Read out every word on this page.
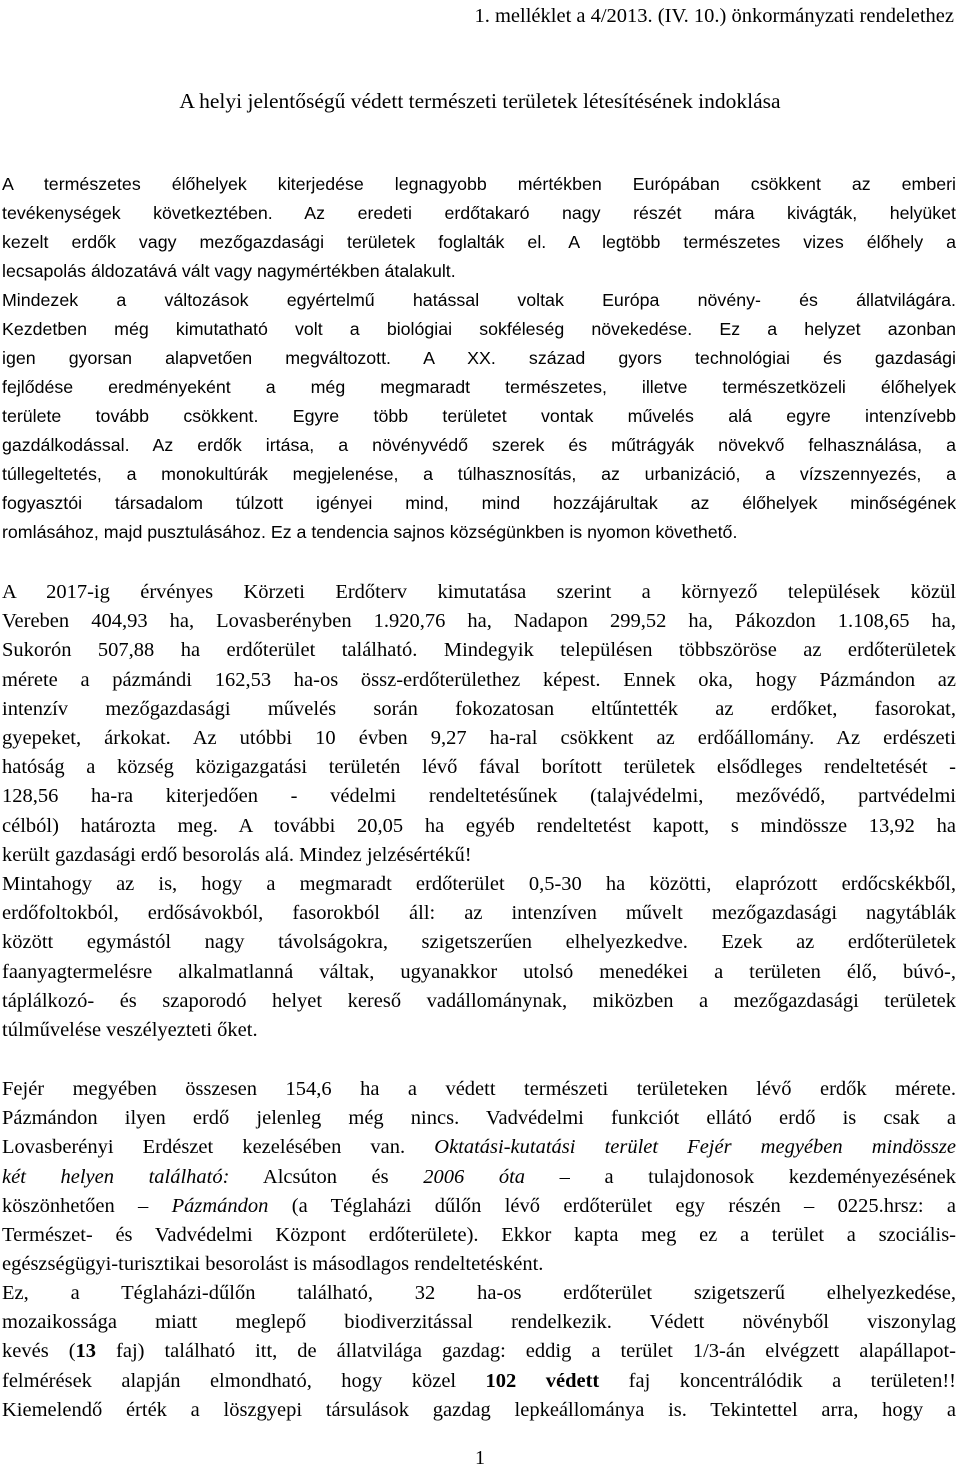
1. melléklet a 4/2013. (IV. 10.) önkormányzati rendelethez
A helyi jelentőségű védett természeti területek létesítésének indoklása
A természetes élőhelyek kiterjedése legnagyobb mértékben Európában csökkent az emberi
tevékenységek következtében. Az eredeti erdőtakaró nagy részét mára kivágták, helyüket
kezelt erdők vagy mezőgazdasági területek foglalták el. A legtöbb természetes vizes élőhely a
lecsapolás áldozatává vált vagy nagymértékben átalakult.
Mindezek a változások egyértelmű hatással voltak Európa növény- és állatvilágára.
Kezdetben még kimutatható volt a biológiai sokféleség növekedése. Ez a helyzet azonban
igen gyorsan alapvetően megváltozott. A XX. század gyors technológiai és gazdasági
fejlődése eredményeként a még megmaradt természetes, illetve természetközeli élőhelyek
területe tovább csökkent. Egyre több területet vontak művelés alá egyre intenzívebb
gazdálkodással. Az erdők irtása, a növényvédő szerek és műtrágyák növekvő felhasználása, a
túllegeltetés, a monokultúrák megjelenése, a túlhasznosítás, az urbanizáció, a vízszennyezés, a
fogyasztói társadalom túlzott igényei mind, mind hozzájárultak az élőhelyek minőségének
romlásához, majd pusztulásához. Ez a tendencia sajnos községünkben is nyomon követhető.
A 2017-ig érvényes Körzeti Erdőterv kimutatása szerint a környező települések közül
Vereben 404,93 ha, Lovasberényben 1.920,76 ha, Nadapon 299,52 ha, Pákozdon 1.108,65 ha,
Sukorón 507,88 ha erdőterület található. Mindegyik településen többszöröse az erdőterületek
mérete a pázmándi 162,53 ha-os össz-erdőterülethez képest. Ennek oka, hogy Pázmándon az
intenzív mezőgazdasági művelés során fokozatosan eltűntették az erdőket, fasorokat,
gyepeket, árkokat. Az utóbbi 10 évben 9,27 ha-ral csökkent az erdőállomány. Az erdészeti
hatóság a község közigazgatási területén lévő fával borított területek elsődleges rendeltetését -
128,56 ha-ra kiterjedően - védelmi rendeltetésűnek (talajvédelmi, mezővédő, partvédelmi
célból) határozta meg. A további 20,05 ha egyéb rendeltetést kapott, s mindössze 13,92 ha
került gazdasági erdő besorolás alá. Mindez jelzésértékű!
Mintahogy az is, hogy a megmaradt erdőterület 0,5-30 ha közötti, elaprózott erdőcskékből,
erdőfoltokból, erdősávokból, fasorokból áll: az intenzíven művelt mezőgazdasági nagytáblák
között egymástól nagy távolságokra, szigetszerűen elhelyezkedve. Ezek az erdőterületek
faanyagtermelésre alkalmatlanná váltak, ugyanakkor utolsó menedékei a területen élő, búvó-,
táplálkozó- és szaporodó helyet kereső vadállománynak, miközben a mezőgazdasági területek
túlművelése veszélyezteti őket.
Fejér megyében összesen 154,6 ha a védett természeti területeken lévő erdők mérete.
Pázmándon ilyen erdő jelenleg még nincs. Vadvédelmi funkciót ellátó erdő is csak a
Lovasberényi Erdészet kezelésében van. Oktatási-kutatási terület Fejér megyében mindössze
két helyen található: Alcsúton és 2006 óta – a tulajdonosok kezdeményezésének
köszönhetően – Pázmándon (a Téglaházi dűlőn lévő erdőterület egy részén – 0225.hrsz: a
Természet- és Vadvédelmi Központ erdőterülete). Ekkor kapta meg ez a terület a szociális-
egészségügyi-turisztikai besorolást is másodlagos rendeltetésként.
Ez, a Téglaházi-dűlőn található, 32 ha-os erdőterület szigetszerű elhelyezkedése,
mozaikossága miatt meglepő biodiverzitással rendelkezik. Védett növényből viszonylag
kevés (13 faj) található itt, de állatvilága gazdag: eddig a terület 1/3-án elvégzett alapállapot-
felmérések alapján elmondható, hogy közel 102 védett faj koncentrálódik a területen!!
Kiemelendő érték a löszgyepi társulások gazdag lepkeállománya is. Tekintettel arra, hogy a
1
